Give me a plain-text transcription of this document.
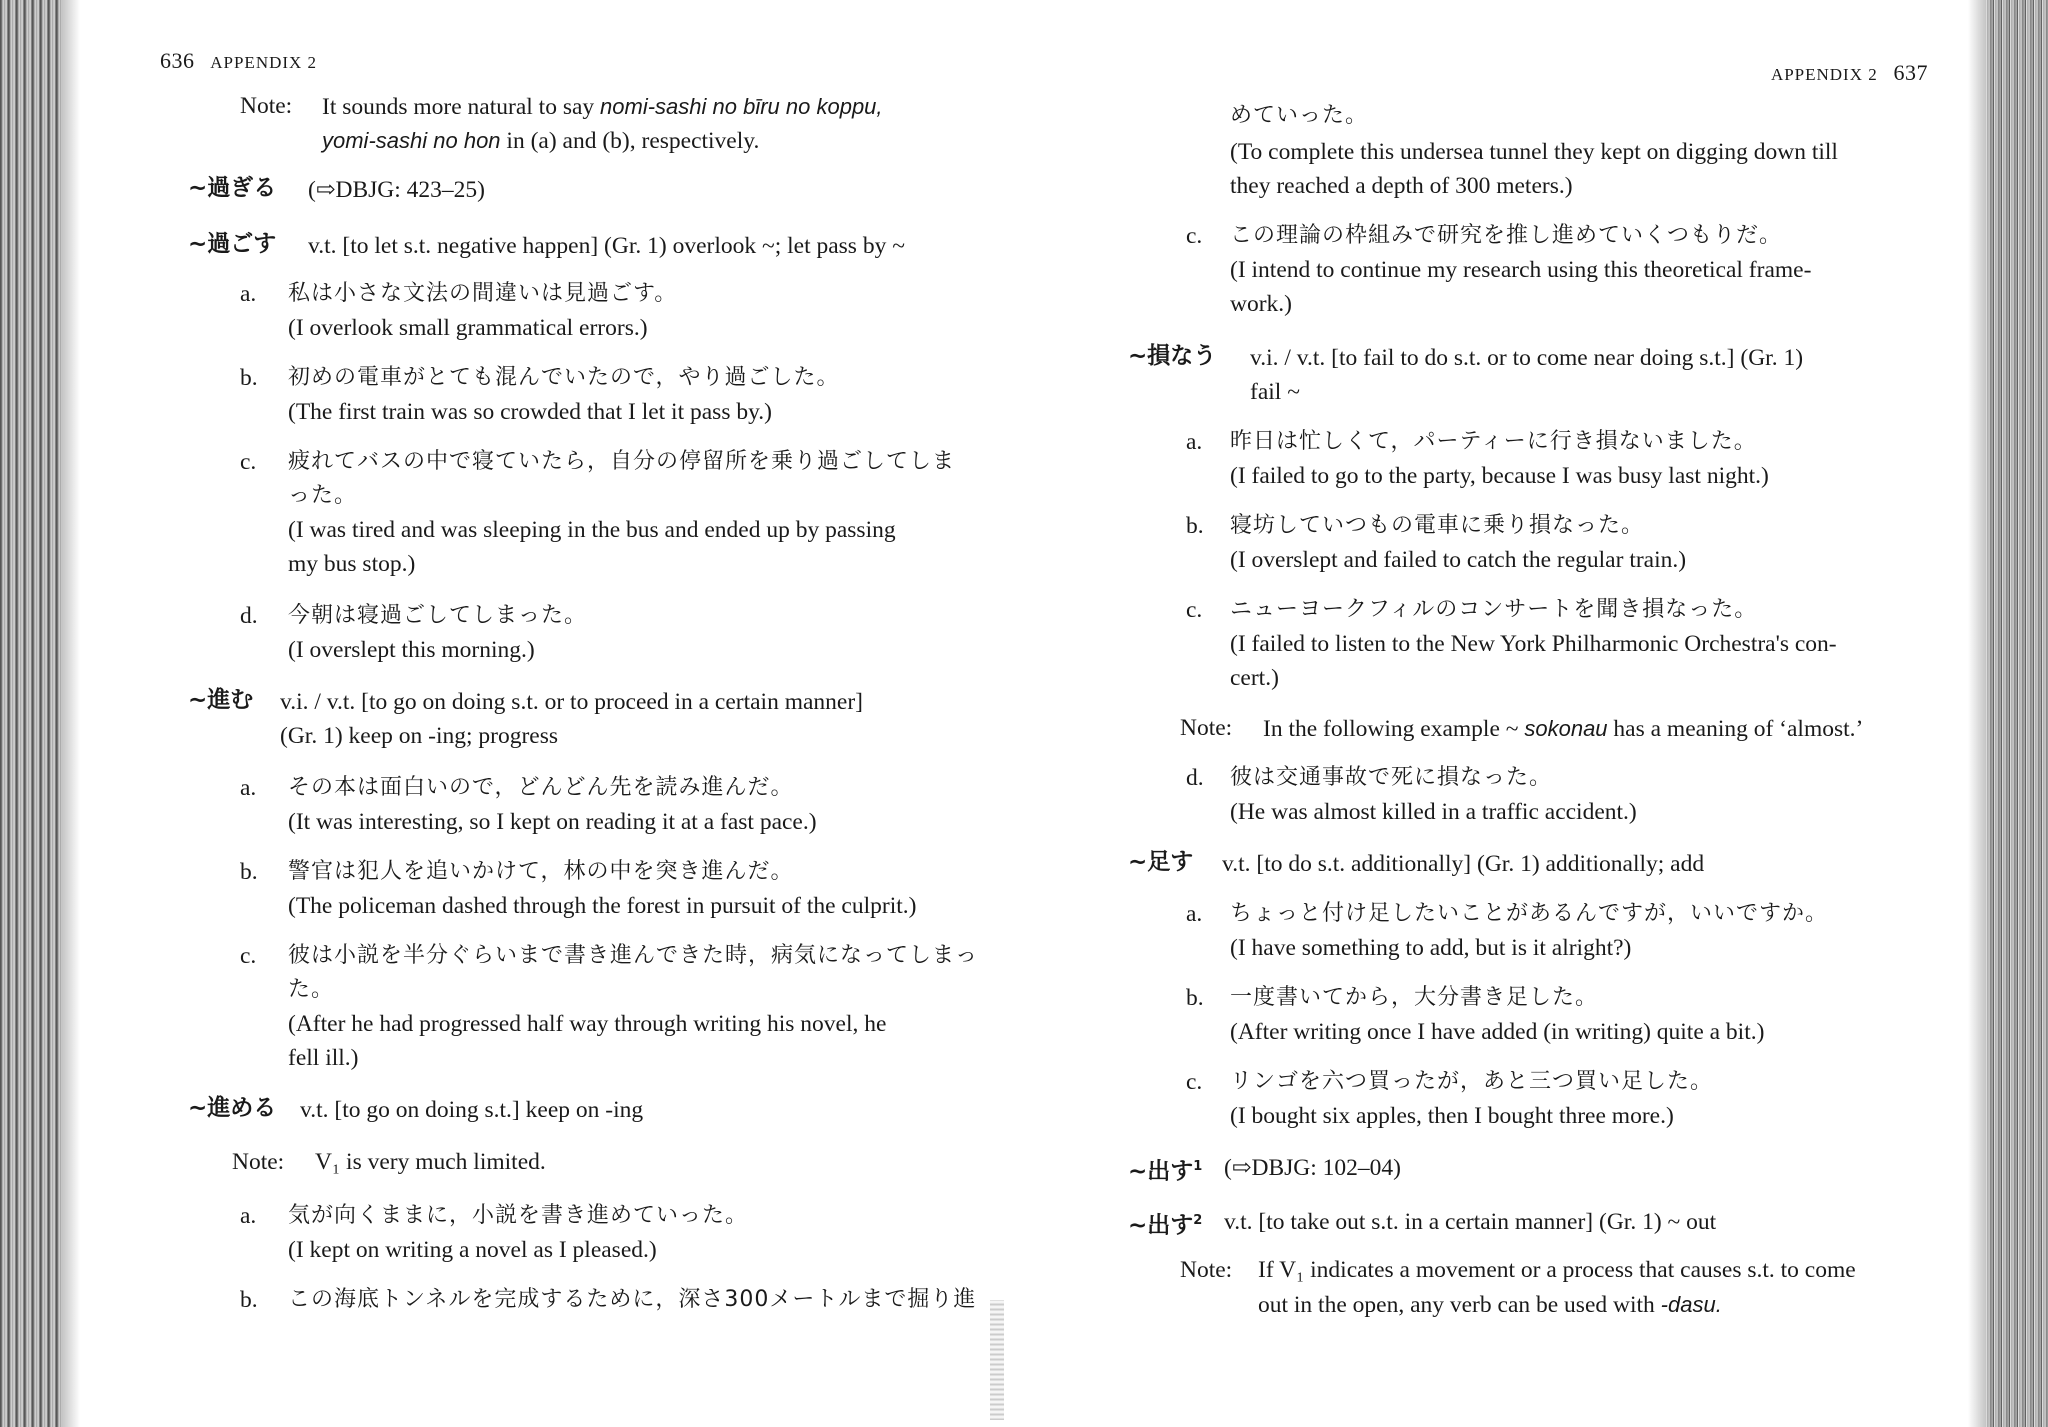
636 APPENDIX 2
Note: It sounds more natural to say nomi-sashi no bīru no koppu,
yomi-sashi no hon in (a) and (b), respectively.
~過ぎる (⇨DBJG: 423–25)
~過ごす v.t. [to let s.t. negative happen] (Gr. 1) overlook ~; let pass by ~
a. 私は小さな文法の間違いは見過ごす。
(I overlook small grammatical errors.)
b. 初めの電車がとても混んでいたので，やり過ごした。
(The first train was so crowded that I let it pass by.)
c. 疲れてバスの中で寝ていたら，自分の停留所を乗り過ごしてしま
った。
(I was tired and was sleeping in the bus and ended up by passing
my bus stop.)
d. 今朝は寝過ごしてしまった。
(I overslept this morning.)
~進む v.i. / v.t. [to go on doing s.t. or to proceed in a certain manner]
(Gr. 1) keep on -ing; progress
a. その本は面白いので，どんどん先を読み進んだ。
(It was interesting, so I kept on reading it at a fast pace.)
b. 警官は犯人を追いかけて，林の中を突き進んだ。
(The policeman dashed through the forest in pursuit of the culprit.)
c. 彼は小説を半分ぐらいまで書き進んできた時，病気になってしまっ
た。
(After he had progressed half way through writing his novel, he
fell ill.)
~進める v.t. [to go on doing s.t.] keep on -ing
Note: V₁ is very much limited.
a. 気が向くままに，小説を書き進めていった。
(I kept on writing a novel as I pleased.)
b. この海底トンネルを完成するために，深さ300メートルまで掘り進
APPENDIX 2 637
めていった。
(To complete this undersea tunnel they kept on digging down till
they reached a depth of 300 meters.)
c. この理論の枠組みで研究を推し進めていくつもりだ。
(I intend to continue my research using this theoretical frame-
work.)
~損なう v.i. / v.t. [to fail to do s.t. or to come near doing s.t.] (Gr. 1)
fail ~
a. 昨日は忙しくて，パーティーに行き損ないました。
(I failed to go to the party, because I was busy last night.)
b. 寝坊していつもの電車に乗り損なった。
(I overslept and failed to catch the regular train.)
c. ニューヨークフィルのコンサートを聞き損なった。
(I failed to listen to the New York Philharmonic Orchestra's con-
cert.)
Note: In the following example ~ sokonau has a meaning of ‘almost.’
d. 彼は交通事故で死に損なった。
(He was almost killed in a traffic accident.)
~足す v.t. [to do s.t. additionally] (Gr. 1) additionally; add
a. ちょっと付け足したいことがあるんですが，いいですか。
(I have something to add, but is it alright?)
b. 一度書いてから，大分書き足した。
(After writing once I have added (in writing) quite a bit.)
c. リンゴを六つ買ったが，あと三つ買い足した。
(I bought six apples, then I bought three more.)
~出す$^1$ (⇨DBJG: 102–04)
~出す$^2$ v.t. [to take out s.t. in a certain manner] (Gr. 1) ~ out
Note: If V₁ indicates a movement or a process that causes s.t. to come
out in the open, any verb can be used with -dasu.
